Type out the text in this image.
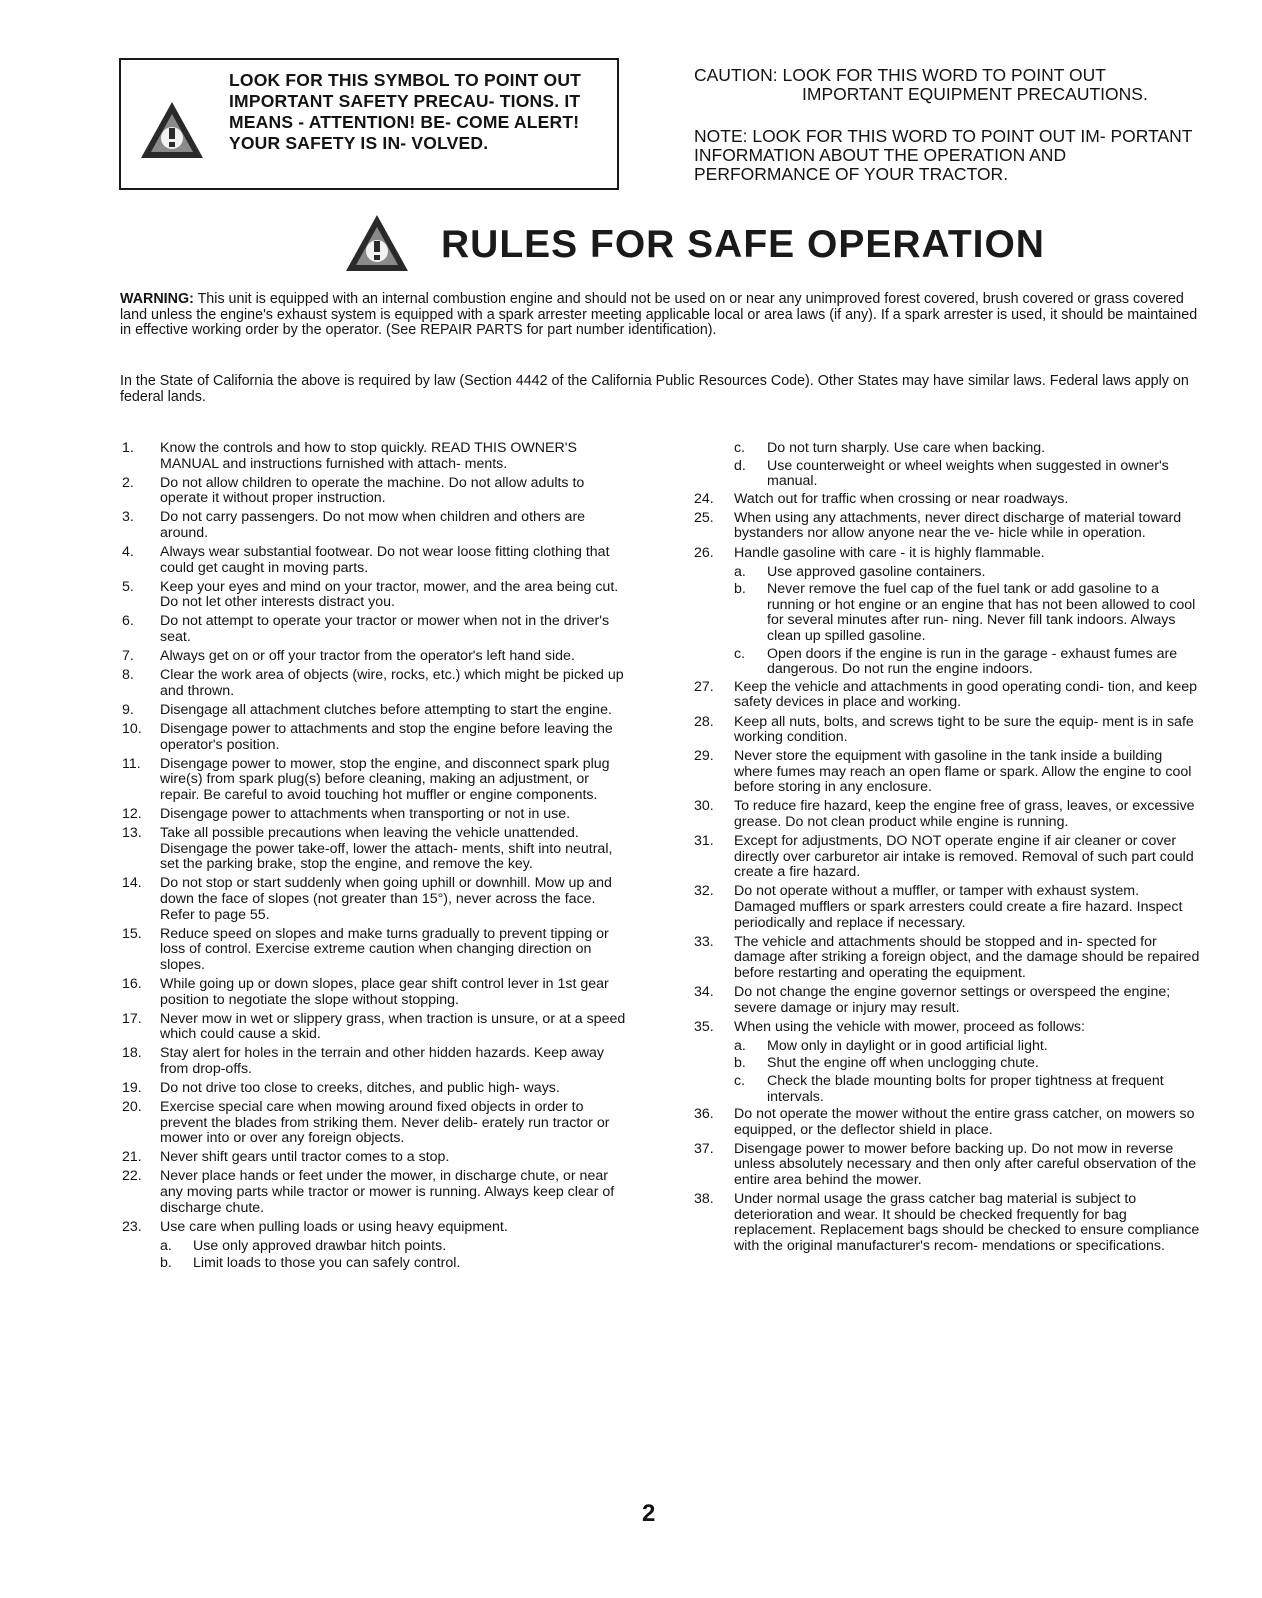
LOOK FOR THIS SYMBOL TO POINT OUT IMPORTANT SAFETY PRECAU- TIONS. IT MEANS - ATTENTION! BE- COME ALERT! YOUR SAFETY IS IN- VOLVED.
CAUTION: LOOK FOR THIS WORD TO POINT OUT
IMPORTANT EQUIPMENT PRECAUTIONS.
NOTE: LOOK FOR THIS WORD TO POINT OUT IM- PORTANT INFORMATION ABOUT THE OPERATION AND PERFORMANCE OF YOUR TRACTOR.
RULES FOR SAFE OPERATION
WARNING: This unit is equipped with an internal combustion engine and should not be used on or near any unimproved forest covered, brush covered or grass covered land unless the engine's exhaust system is equipped with a spark arrester meeting applicable local or area laws (if any). If a spark arrester is used, it should be maintained in effective working order by the operator. (See REPAIR PARTS for part number identification).
In the State of California the above is required by law (Section 4442 of the California Public Resources Code). Other States may have similar laws. Federal laws apply on federal lands.
1.	Know the controls and how to stop quickly. READ THIS OWNER'S MANUAL and instructions furnished with attach- ments.
2.	Do not allow children to operate the machine. Do not allow adults to operate it without proper instruction.
3.	Do not carry passengers. Do not mow when children and others are around.
4.	Always wear substantial footwear. Do not wear loose fitting clothing that could get caught in moving parts.
5.	Keep your eyes and mind on your tractor, mower, and the area being cut. Do not let other interests distract you.
6.	Do not attempt to operate your tractor or mower when not in the driver's seat.
7.	Always get on or off your tractor from the operator's left hand side.
8.	Clear the work area of objects (wire, rocks, etc.) which might be picked up and thrown.
9.	Disengage all attachment clutches before attempting to start the engine.
10.	Disengage power to attachments and stop the engine before leaving the operator's position.
11.	Disengage power to mower, stop the engine, and disconnect spark plug wire(s) from spark plug(s) before cleaning, making an adjustment, or repair. Be careful to avoid touching hot muffler or engine components.
12.	Disengage power to attachments when transporting or not in use.
13.	Take all possible precautions when leaving the vehicle unattended. Disengage the power take-off, lower the attach- ments, shift into neutral, set the parking brake, stop the engine, and remove the key.
14.	Do not stop or start suddenly when going uphill or downhill. Mow up and down the face of slopes (not greater than 15°), never across the face. Refer to page 55.
15.	Reduce speed on slopes and make turns gradually to prevent tipping or loss of control. Exercise extreme caution when changing direction on slopes.
16.	While going up or down slopes, place gear shift control lever in 1st gear position to negotiate the slope without stopping.
17.	Never mow in wet or slippery grass, when traction is unsure, or at a speed which could cause a skid.
18.	Stay alert for holes in the terrain and other hidden hazards. Keep away from drop-offs.
19.	Do not drive too close to creeks, ditches, and public high- ways.
20.	Exercise special care when mowing around fixed objects in order to prevent the blades from striking them. Never delib- erately run tractor or mower into or over any foreign objects.
21.	Never shift gears until tractor comes to a stop.
22.	Never place hands or feet under the mower, in discharge chute, or near any moving parts while tractor or mower is running. Always keep clear of discharge chute.
23.	Use care when pulling loads or using heavy equipment.
a. Use only approved drawbar hitch points.
b. Limit loads to those you can safely control.
c. Do not turn sharply. Use care when backing.
d. Use counterweight or wheel weights when suggested in owner's manual.
24.	Watch out for traffic when crossing or near roadways.
25.	When using any attachments, never direct discharge of material toward bystanders nor allow anyone near the ve- hicle while in operation.
26.	Handle gasoline with care - it is highly flammable.
a. Use approved gasoline containers.
b. Never remove the fuel cap of the fuel tank or add gasoline to a running or hot engine or an engine that has not been allowed to cool for several minutes after run- ning. Never fill tank indoors. Always clean up spilled gasoline.
c. Open doors if the engine is run in the garage - exhaust fumes are dangerous. Do not run the engine indoors.
27.	Keep the vehicle and attachments in good operating condi- tion, and keep safety devices in place and working.
28.	Keep all nuts, bolts, and screws tight to be sure the equip- ment is in safe working condition.
29.	Never store the equipment with gasoline in the tank inside a building where fumes may reach an open flame or spark. Allow the engine to cool before storing in any enclosure.
30.	To reduce fire hazard, keep the engine free of grass, leaves, or excessive grease. Do not clean product while engine is running.
31.	Except for adjustments, DO NOT operate engine if air cleaner or cover directly over carburetor air intake is removed. Removal of such part could create a fire hazard.
32.	Do not operate without a muffler, or tamper with exhaust system. Damaged mufflers or spark arresters could create a fire hazard. Inspect periodically and replace if necessary.
33.	The vehicle and attachments should be stopped and in- spected for damage after striking a foreign object, and the damage should be repaired before restarting and operating the equipment.
34.	Do not change the engine governor settings or overspeed the engine; severe damage or injury may result.
35.	When using the vehicle with mower, proceed as follows:
a. Mow only in daylight or in good artificial light.
b. Shut the engine off when unclogging chute.
c. Check the blade mounting bolts for proper tightness at frequent intervals.
36.	Do not operate the mower without the entire grass catcher, on mowers so equipped, or the deflector shield in place.
37.	Disengage power to mower before backing up. Do not mow in reverse unless absolutely necessary and then only after careful observation of the entire area behind the mower.
38.	Under normal usage the grass catcher bag material is subject to deterioration and wear. It should be checked frequently for bag replacement. Replacement bags should be checked to ensure compliance with the original manufacturer's recom- mendations or specifications.
2
